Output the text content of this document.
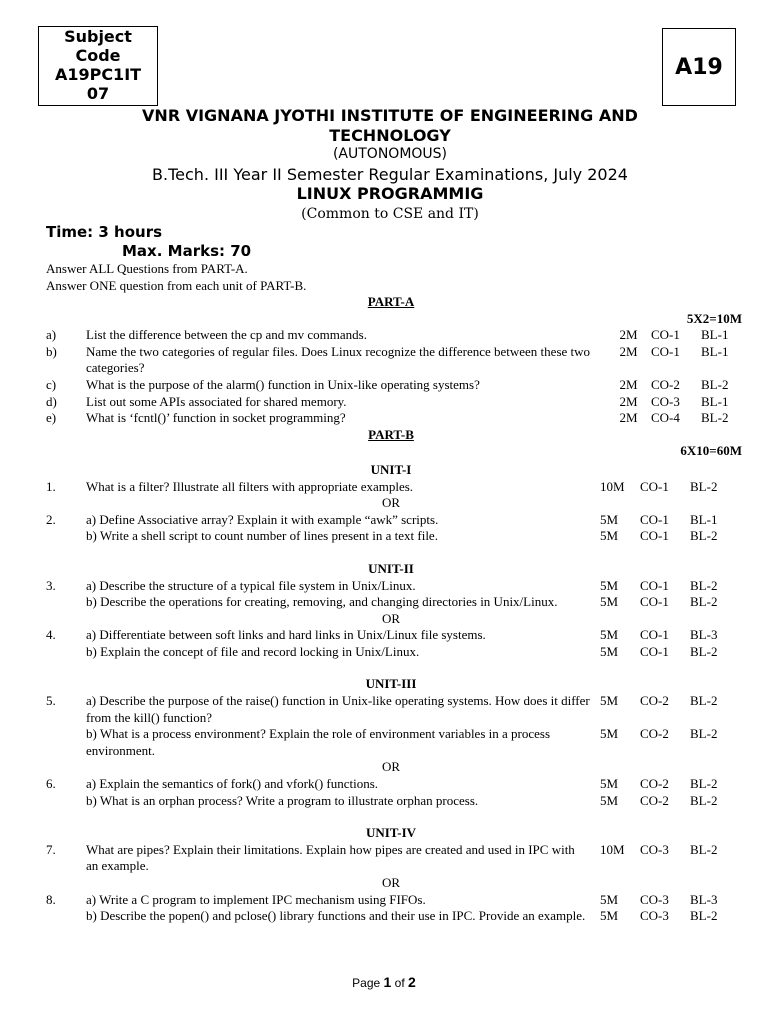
Subject
Code
A19PC1IT
07
A19
VNR VIGNANA JYOTHI INSTITUTE OF ENGINEERING AND
TECHNOLOGY
(AUTONOMOUS)
B.Tech. III Year II Semester Regular Examinations, July 2024
LINUX PROGRAMMIG
(Common to CSE and IT)
Time: 3 hours
Max. Marks: 70
Answer ALL Questions from PART-A.
Answer ONE question from each unit of PART-B.
PART-A
5X2=10M
a)	List the difference between the cp and mv commands.	2M	CO-1	BL-1
b)	Name the two categories of regular files. Does Linux recognize the difference between these two categories?
2M	CO-1	BL-1
c)	What is the purpose of the alarm() function in Unix-like operating systems?	2M	CO-2	BL-2
d)	List out some APIs associated for shared memory.	2M	CO-3	BL-1
e)	What is ‘fcntl()’ function in socket programming?	2M	CO-4	BL-2
PART-B
6X10=60M
UNIT-I
1.	What is a filter? Illustrate all filters with appropriate examples.	10M	CO-1	BL-2
OR
2.	a) Define Associative array? Explain it with example “awk” scripts.	5M	CO-1	BL-1
b) Write a shell script to count number of lines present in a text file.	5M	CO-1	BL-2
UNIT-II
3.	a) Describe the structure of a typical file system in Unix/Linux.	5M	CO-1	BL-2
b) Describe the operations for creating, removing, and changing directories in Unix/Linux.	5M	CO-1	BL-2
OR
4.	a) Differentiate between soft links and hard links in Unix/Linux file systems.	5M	CO-1	BL-3
b) Explain the concept of file and record locking in Unix/Linux.	5M	CO-1	BL-2
UNIT-III
5.	a) Describe the purpose of the raise() function in Unix-like operating systems. How does it differ from the kill() function?
5M	CO-2	BL-2
b) What is a process environment? Explain the role of environment variables in a process environment.
5M	CO-2	BL-2
OR
6.	a) Explain the semantics of fork() and vfork() functions.	5M	CO-2	BL-2
b) What is an orphan process? Write a program to illustrate orphan process.	5M	CO-2	BL-2
UNIT-IV
7.	What are pipes? Explain their limitations. Explain how pipes are created and used in IPC with an example.
10M	CO-3	BL-2
OR
8.	a) Write a C program to implement IPC mechanism using FIFOs.	5M	CO-3	BL-3
b) Describe the popen() and pclose() library functions and their use in IPC. Provide an example.	5M	CO-3	BL-2
Page 1 of 2
